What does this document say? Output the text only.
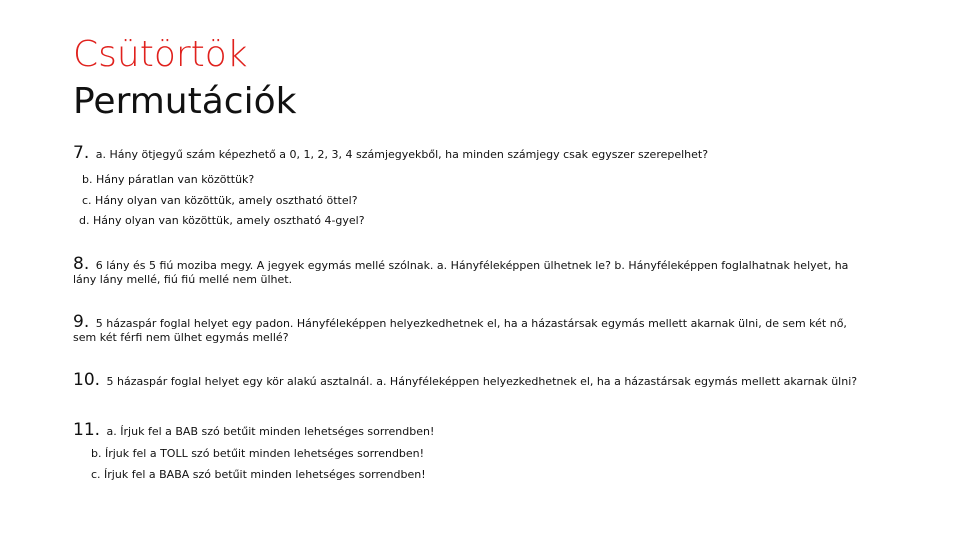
Csütörtök
Permutációk
7. a. Hány ötjegyű szám képezhető a 0, 1, 2, 3, 4 számjegyekből, ha minden számjegy csak egyszer szerepelhet?
b. Hány páratlan van közöttük?
c. Hány olyan van közöttük, amely osztható öttel?
d. Hány olyan van közöttük, amely osztható 4-gyel?
8. 6 lány és 5 fiú moziba megy. A jegyek egymás mellé szólnak. a. Hányféleképpen ülhetnek le? b. Hányféleképpen foglalhatnak helyet, ha lány lány mellé, fiú fiú mellé nem ülhet.
9. 5 házaspár foglal helyet egy padon. Hányféleképpen helyezkedhetnek el, ha a házastársak egymás mellett akarnak ülni, de sem két nő, sem két férfi nem ülhet egymás mellé?
10. 5 házaspár foglal helyet egy kör alakú asztalnál. a. Hányféleképpen helyezkedhetnek el, ha a házastársak egymás mellett akarnak ülni?
11. a. Írjuk fel a BAB szó betűit minden lehetséges sorrendben!
b. Írjuk fel a TOLL szó betűit minden lehetséges sorrendben!
c. Írjuk fel a BABA szó betűit minden lehetséges sorrendben!
